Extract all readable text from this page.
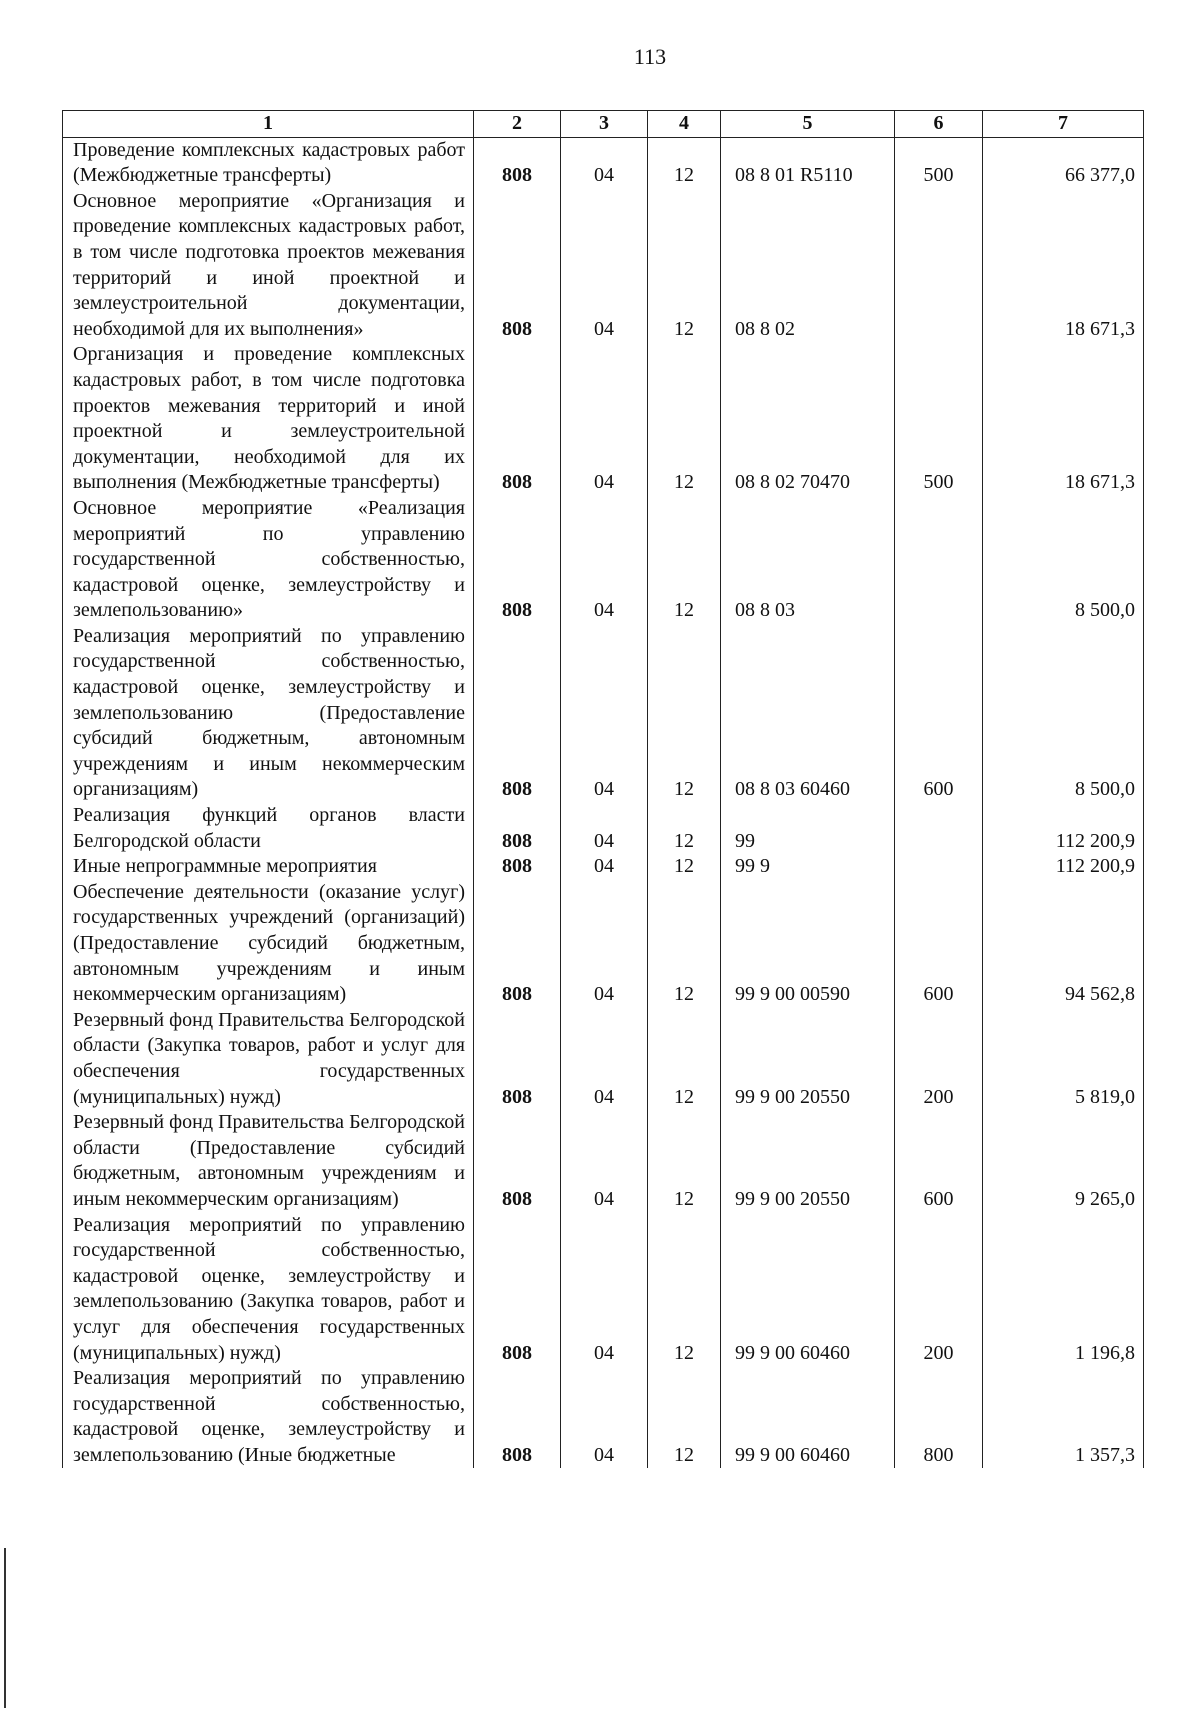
113
1	2	3	4	5	6	7
Проведение комплексных кадастровых работ (Межбюджетные трансферты)	808	04	12	08 8 01 R5110	500	66 377,0
Основное мероприятие «Организация и проведение комплексных кадастровых работ, в том числе подготовка проектов межевания территорий и иной проектной и землеустроительной документации, необходимой для их выполнения»	808	04	12	08 8 02		18 671,3
Организация и проведение комплексных кадастровых работ, в том числе подготовка проектов межевания территорий и иной проектной и землеустроительной документации, необходимой для их выполнения (Межбюджетные трансферты)	808	04	12	08 8 02 70470	500	18 671,3
Основное мероприятие «Реализация мероприятий по управлению государственной собственностью, кадастровой оценке, землеустройству и землепользованию»	808	04	12	08 8 03		8 500,0
Реализация мероприятий по управлению государственной собственностью, кадастровой оценке, землеустройству и землепользованию (Предоставление субсидий бюджетным, автономным учреждениям и иным некоммерческим организациям)	808	04	12	08 8 03 60460	600	8 500,0
Реализация функций органов власти Белгородской области	808	04	12	99		112 200,9
Иные непрограммные мероприятия	808	04	12	99 9		112 200,9
Обеспечение деятельности (оказание услуг) государственных учреждений (организаций) (Предоставление субсидий бюджетным, автономным учреждениям и иным некоммерческим организациям)	808	04	12	99 9 00 00590	600	94 562,8
Резервный фонд Правительства Белгородской области (Закупка товаров, работ и услуг для обеспечения государственных (муниципальных) нужд)	808	04	12	99 9 00 20550	200	5 819,0
Резервный фонд Правительства Белгородской области (Предоставление субсидий бюджетным, автономным учреждениям и иным некоммерческим организациям)	808	04	12	99 9 00 20550	600	9 265,0
Реализация мероприятий по управлению государственной собственностью, кадастровой оценке, землеустройству и землепользованию (Закупка товаров, работ и услуг для обеспечения государственных (муниципальных) нужд)	808	04	12	99 9 00 60460	200	1 196,8
Реализация мероприятий по управлению государственной собственностью, кадастровой оценке, землеустройству и землепользованию (Иные бюджетные	808	04	12	99 9 00 60460	800	1 357,3
